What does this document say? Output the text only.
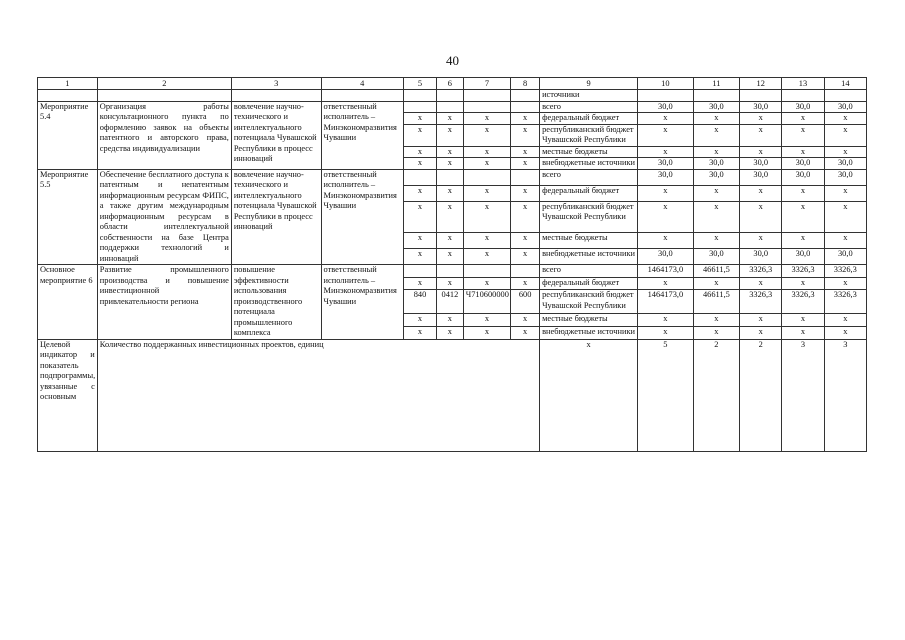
40
1	2	3	4	5	6	7	8	9	10	11	12	13	14
								источники					
Мероприятие 5.4	Организация работы консультационного пункта по оформлению заявок на объекты патентного и авторского права, средства индивидуализации	вовлечение научно-технического и интеллектуального потенциала Чувашской Республики в процесс инноваций	ответственный исполнитель – Минэкономразвития Чувашии					всего	30,0	30,0	30,0	30,0	30,0
				x	x	x	x	федеральный бюджет	x	x	x	x	x
				x	x	x	x	республиканский бюджет Чувашской Республики	x	x	x	x	x
				x	x	x	x	местные бюджеты	x	x	x	x	x
				x	x	x	x	внебюджетные источники	30,0	30,0	30,0	30,0	30,0
Мероприятие 5.5	Обеспечение бесплатного доступа к патентным и непатентным информационным ресурсам ФИПС, а также другим международным информационным ресурсам в области интеллектуальной собственности на базе Центра поддержки технологий и инноваций	вовлечение научно-технического и интеллектуального потенциала Чувашской Республики в процесс инноваций	ответственный исполнитель – Минэкономразвития Чувашии					всего	30,0	30,0	30,0	30,0	30,0
				x	x	x	x	федеральный бюджет	x	x	x	x	x
				x	x	x	x	республиканский бюджет Чувашской Республики	x	x	x	x	x
				x	x	x	x	местные бюджеты	x	x	x	x	x
				x	x	x	x	внебюджетные источники	30,0	30,0	30,0	30,0	30,0
Основное мероприятие 6	Развитие промышленного производства и повышение инвестиционной привлекательности региона	повышение эффективности использования производственного потенциала промышленного комплекса	ответственный исполнитель – Минэкономразвития Чувашии					всего	1464173,0	46611,5	3326,3	3326,3	3326,3
				x	x	x	x	федеральный бюджет	x	x	x	x	x
				840	0412	Ч710600000	600	республиканский бюджет Чувашской Республики	1464173,0	46611,5	3326,3	3326,3	3326,3
				x	x	x	x	местные бюджеты	x	x	x	x	x
				x	x	x	x	внебюджетные источники	x	x	x	x	x
Целевой индикатор и показатель подпрограммы, увязанные с основным	Количество поддержанных инвестиционных проектов, единиц							x	5	2	2	3	3
